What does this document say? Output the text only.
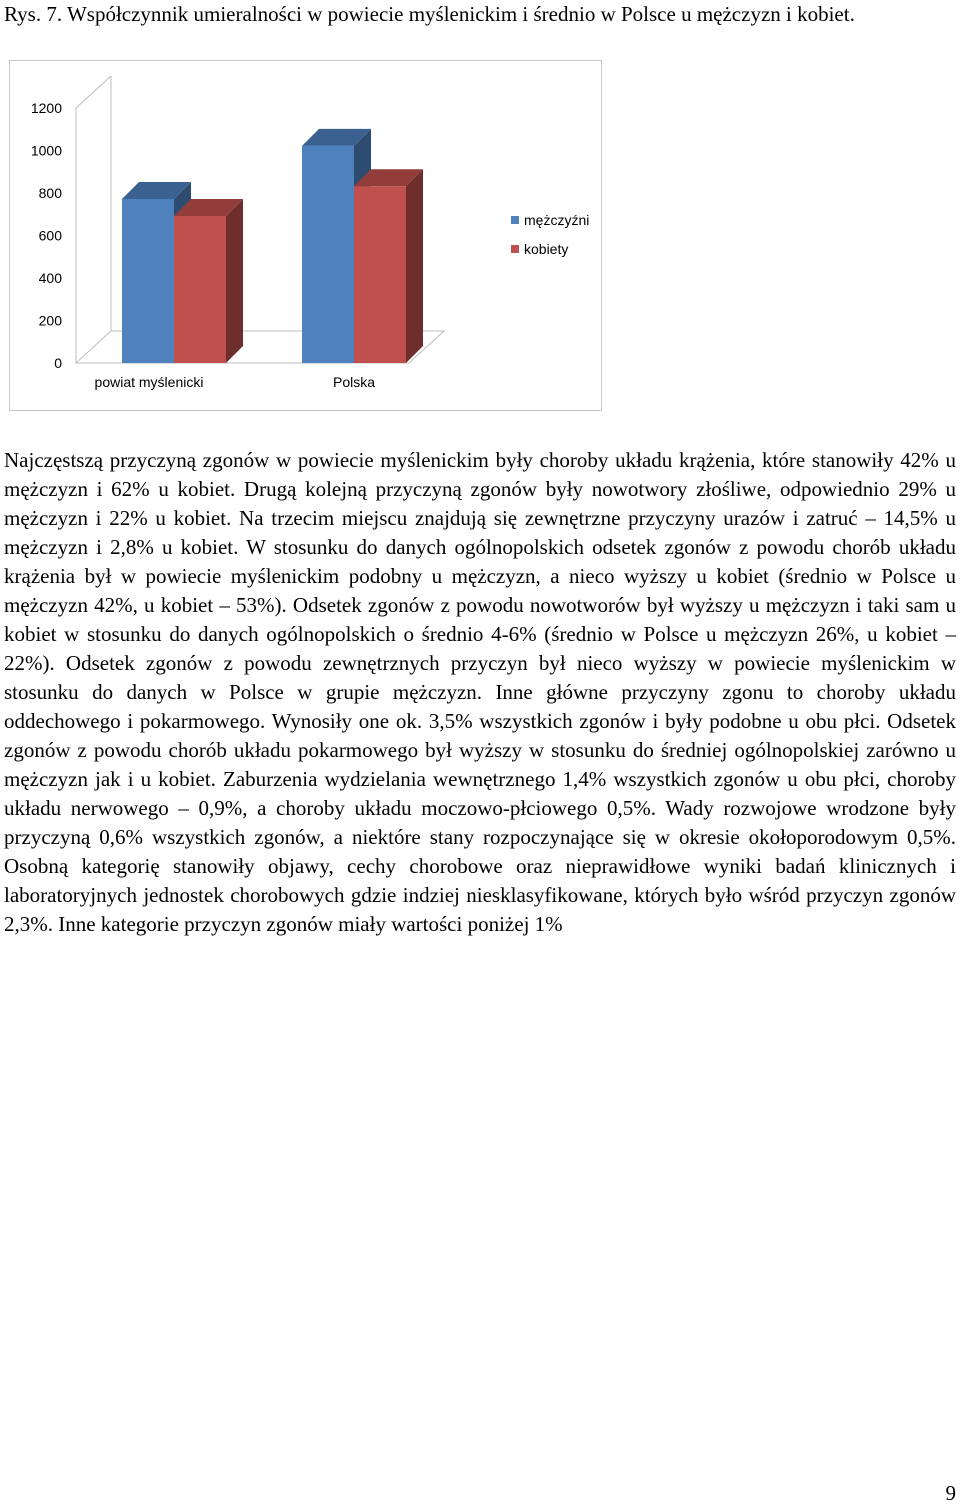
Rys. 7. Współczynnik umieralności w powiecie myślenickim i średnio w Polsce u mężczyzn i kobiet.
0
200
400
600
800
1000
1200
powiat myślenicki	Polska
mężczyźni
kobiety

Najczęstszą przyczyną zgonów w powiecie myślenickim były choroby układu krążenia, które stanowiły 42% u mężczyzn i 62% u kobiet. Drugą kolejną przyczyną zgonów były nowotwory złośliwe, odpowiednio 29% u mężczyzn i 22% u kobiet. Na trzecim miejscu znajdują się zewnętrzne przyczyny urazów i zatruć – 14,5% u mężczyzn i 2,8% u kobiet. W stosunku do danych ogólnopolskich odsetek zgonów z powodu chorób układu krążenia był w powiecie myślenickim podobny u mężczyzn, a nieco wyższy u kobiet (średnio w Polsce u mężczyzn 42%, u kobiet – 53%). Odsetek zgonów z powodu nowotworów był wyższy u mężczyzn i taki sam u kobiet w stosunku do danych ogólnopolskich o średnio 4-6% (średnio w Polsce u mężczyzn 26%, u kobiet – 22%). Odsetek zgonów z powodu zewnętrznych przyczyn był nieco wyższy w powiecie myślenickim w stosunku do danych w Polsce w grupie mężczyzn. Inne główne przyczyny zgonu to choroby układu oddechowego i pokarmowego. Wynosiły one ok. 3,5% wszystkich zgonów i były podobne u obu płci. Odsetek zgonów z powodu chorób układu pokarmowego był wyższy w stosunku do średniej ogólnopolskiej zarówno u mężczyzn jak i u kobiet. Zaburzenia wydzielania wewnętrznego 1,4% wszystkich zgonów u obu płci, choroby układu nerwowego – 0,9%, a choroby układu moczowo-płciowego 0,5%. Wady rozwojowe wrodzone były przyczyną 0,6% wszystkich zgonów, a niektóre stany rozpoczynające się w okresie okołoporodowym 0,5%. Osobną kategorię stanowiły objawy, cechy chorobowe oraz nieprawidłowe wyniki badań klinicznych i laboratoryjnych jednostek chorobowych gdzie indziej niesklasyfikowane, których było wśród przyczyn zgonów 2,3%. Inne kategorie przyczyn zgonów miały wartości poniżej 1%

9
